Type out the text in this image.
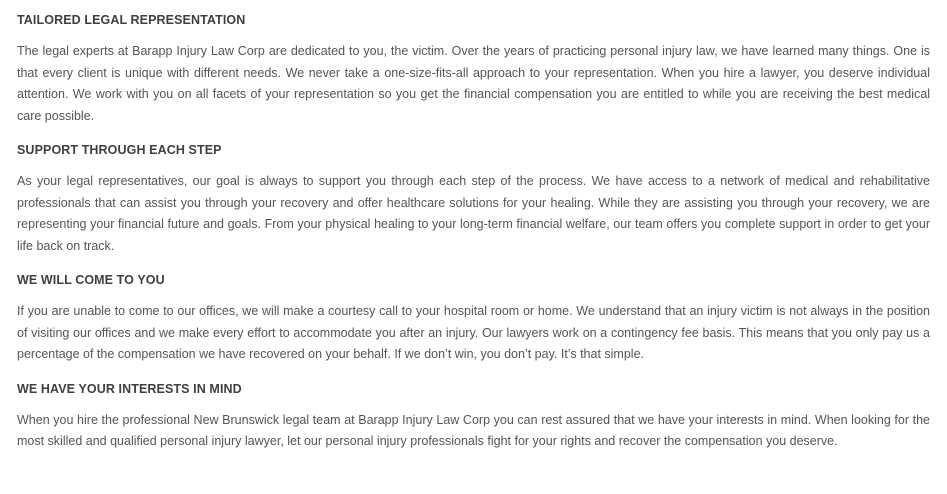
TAILORED LEGAL REPRESENTATION

The legal experts at Barapp Injury Law Corp are dedicated to you, the victim. Over the years of practicing personal injury law, we have learned many things. One is that every client is unique with different needs. We never take a one-size-fits-all approach to your representation. When you hire a lawyer, you deserve individual attention. We work with you on all facets of your representation so you get the financial compensation you are entitled to while you are receiving the best medical care possible.

SUPPORT THROUGH EACH STEP

As your legal representatives, our goal is always to support you through each step of the process. We have access to a network of medical and rehabilitative professionals that can assist you through your recovery and offer healthcare solutions for your healing. While they are assisting you through your recovery, we are representing your financial future and goals. From your physical healing to your long-term financial welfare, our team offers you complete support in order to get your life back on track.

WE WILL COME TO YOU

If you are unable to come to our offices, we will make a courtesy call to your hospital room or home. We understand that an injury victim is not always in the position of visiting our offices and we make every effort to accommodate you after an injury. Our lawyers work on a contingency fee basis. This means that you only pay us a percentage of the compensation we have recovered on your behalf. If we don’t win, you don’t pay. It’s that simple.

WE HAVE YOUR INTERESTS IN MIND

When you hire the professional New Brunswick legal team at Barapp Injury Law Corp you can rest assured that we have your interests in mind. When looking for the most skilled and qualified personal injury lawyer, let our personal injury professionals fight for your rights and recover the compensation you deserve.
